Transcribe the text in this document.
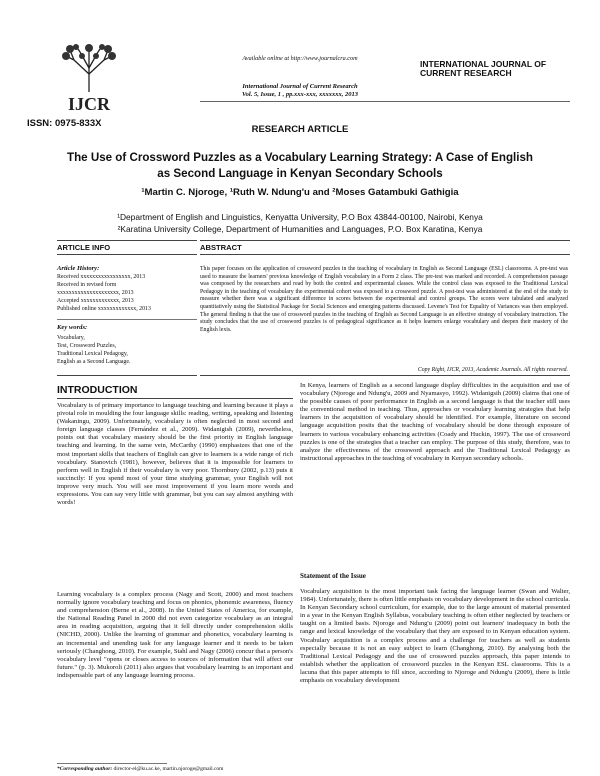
IJCR
Available online at http://www.journalcra.com
INTERNATIONAL JOURNAL OF CURRENT RESEARCH
International Journal of Current Research
Vol. 5, Issue, 1 , pp.xxx-xxx, xxxxxxx, 2013
ISSN: 0975-833X
RESEARCH ARTICLE
The Use of Crossword Puzzles as a Vocabulary Learning Strategy: A Case of English as Second Language in Kenyan Secondary Schools
¹Martin C. Njoroge, ¹Ruth W. Ndung'u and ²Moses Gatambuki Gathigia
¹Department of English and Linguistics, Kenyatta University, P.O Box 43844-00100, Nairobi, Kenya
²Karatina University College, Department of Humanities and Languages, P.O. Box Karatina, Kenya
ARTICLE INFO	ABSTRACT
Article History:
Received xxxxxxxxxxxxxxxxx, 2013
Received in revised form
xxxxxxxxxxxxxxxxxxxxx, 2013
Accepted xxxxxxxxxxxxx, 2013
Published online xxxxxxxxxxxxx, 2013
Key words:
Vocabulary,
Test, Crossword Puzzles,
Traditional Lexical Pedagogy,
English as a Second Language.
This paper focuses on the application of crossword puzzles in the teaching of vocabulary in English as Second Language (ESL) classrooms. A pre-test was used to measure the learners' previous knowledge of English vocabulary in a Form 2 class. The pre-test was marked and recorded. A comprehension passage was composed by the researchers and read by both the control and experimental classes. While the control class was exposed to the Traditional Lexical Pedagogy in the teaching of vocabulary the experimental cohort was exposed to a crossword puzzle. A post-test was administered at the end of the study to measure whether there was a significant difference in scores between the experimental and control groups. The scores were tabulated and analyzed quantitatively using the Statistical Package for Social Sciences and emerging patterns discussed. Levene's Test for Equality of Variances was then employed. The general finding is that the use of crossword puzzles in the teaching of English as Second Language is an effective strategy of vocabulary instruction. The study concludes that the use of crossword puzzles is of pedagogical significance as it helps learners enlarge vocabulary and deepen their mastery of the English lexis.
Copy Right, IJCR, 2013, Academic Journals. All rights reserved.
INTRODUCTION
Vocabulary is of primary importance to language teaching and learning because it plays a pivotal role in moulding the four language skills: reading, writing, speaking and listening (Wakaningu, 2009). Unfortunately, vocabulary is often neglected in most second and foreign language classes (Fernández et al., 2009). Widanigish (2009), nevertheless, points out that vocabulary mastery should be the first priority in English language teaching and learning. In the same vein, McCarthy (1990) emphasizes that one of the most important skills that teachers of English can give to learners is a wide range of rich vocabulary. Stanovich (1981), however, believes that it is impossible for learners to perform well in English if their vocabulary is very poor. Thornbury (2002, p.13) puts it succinctly: If you spend most of your time studying grammar, your English will not improve very much. You will see most improvement if you learn more words and expressions. You can say very little with grammar, but you can say almost anything with words!
Learning vocabulary is a complex process (Nagy and Scott, 2000) and most teachers normally ignore vocabulary teaching and focus on phonics, phonemic awareness, fluency and comprehension (Berne et al., 2008). In the United States of America, for example, the National Reading Panel in 2000 did not even categorize vocabulary as an integral area in reading acquisition, arguing that it fell directly under comprehension skills (NICHD, 2000). Unlike the learning of grammar and phonetics, vocabulary learning is an incremental and unending task for any language learner and it needs to be taken seriously (Changhong, 2010). For example, Stahl and Nagy (2006) concur that a person's vocabulary level "opens or closes access to sources of information that will affect our future." (p. 3). Mukoroli (2011) also argues that vocabulary learning is an important and indispensable part of any language learning process.
*Corresponding author: director-el@ku.ac.ke, martin.njoroge@gmail.com
In Kenya, learners of English as a second language display difficulties in the acquisition and use of vocabulary (Njoroge and Ndung'u, 2009 and Nyamasyo, 1992). Widanigsih (2009) claims that one of the possible causes of poor performance in English as a second language is that the teacher still uses the conventional method in teaching. Thus, approaches or vocabulary learning strategies that help learners in the acquisition of vocabulary should be identified. For example, literature on second language acquisition posits that the teaching of vocabulary should be done through exposure of learners to various vocabulary enhancing activities (Coady and Huckin, 1997). The use of crossword puzzles is one of the strategies that a teacher can employ. The purpose of this study, therefore, was to analyze the effectiveness of the crossword approach and the Traditional Lexical Pedagogy as instructional approaches in the teaching of vocabulary in Kenyan secondary schools.
Statement of the Issue
Vocabulary acquisition is the most important task facing the language learner (Swan and Walter, 1984). Unfortunately, there is often little emphasis on vocabulary development in the school curricula. In Kenyan Secondary school curriculum, for example, due to the large amount of material presented in a year in the Kenyan English Syllabus, vocabulary teaching is often either neglected by teachers or taught on a limited basis. Njoroge and Ndung'u (2009) point out learners' inadequacy in both the range and lexical knowledge of the vocabulary that they are exposed to in Kenyan education system. Vocabulary acquisition is a complex process and a challenge for teachers as well as students especially because it is not an easy subject to learn (Changhong, 2010). By analysing both the Traditional Lexical Pedagogy and the use of crossword puzzles approach, this paper intends to establish whether the application of crossword puzzles in the Kenyan ESL classrooms. This is a lacuna that this paper attempts to fill since, according to Njoroge and Ndung'u (2009), there is little emphasis on vocabulary development
